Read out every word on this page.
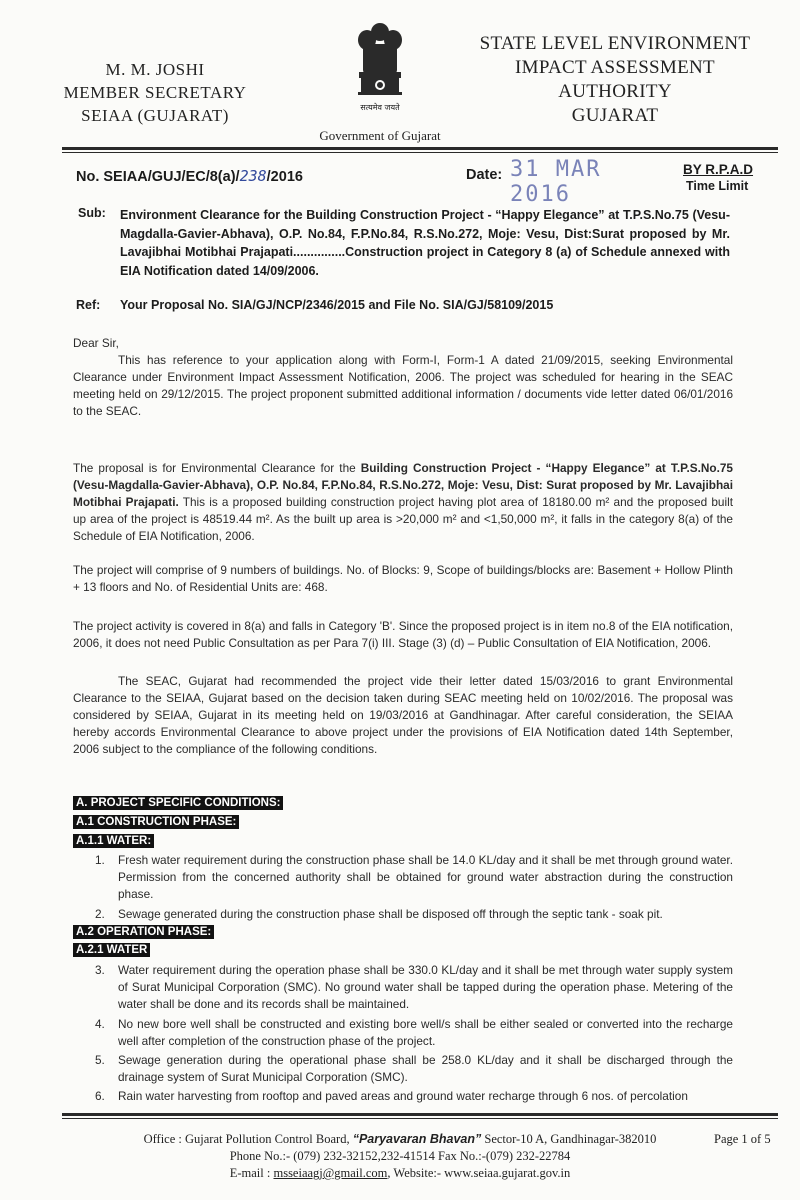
M. M. JOSHI
MEMBER SECRETARY
SEIAA (GUJARAT)	सत्यमेव जयते
STATE LEVEL ENVIRONMENT
IMPACT ASSESSMENT
AUTHORITY
GUJARAT
Government of Gujarat
No. SEIAA/GUJ/EC/8(a)/238/2016	Date: 31 MAR 2016
BY R.P.A.D
Time Limit
Sub: Environment Clearance for the Building Construction Project - “Happy Elegance” at T.P.S.No.75 (Vesu-Magdalla-Gavier-Abhava), O.P. No.84, F.P.No.84, R.S.No.272, Moje: Vesu, Dist:Surat proposed by Mr. Lavajibhai Motibhai Prajapati...............Construction project in Category 8 (a) of Schedule annexed with EIA Notification dated 14/09/2006.
Ref: Your Proposal No. SIA/GJ/NCP/2346/2015 and File No. SIA/GJ/58109/2015

Dear Sir,

This has reference to your application along with Form-I, Form-1 A dated 21/09/2015, seeking Environmental Clearance under Environment Impact Assessment Notification, 2006. The project was scheduled for hearing in the SEAC meeting held on 29/12/2015. The project proponent submitted additional information / documents vide letter dated 06/01/2016 to the SEAC.

The proposal is for Environmental Clearance for the Building Construction Project - “Happy Elegance” at T.P.S.No.75 (Vesu-Magdalla-Gavier-Abhava), O.P. No.84, F.P.No.84, R.S.No.272, Moje: Vesu, Dist: Surat proposed by Mr. Lavajibhai Motibhai Prajapati. This is a proposed building construction project having plot area of 18180.00 m² and the proposed built up area of the project is 48519.44 m². As the built up area is >20,000 m² and <1,50,000 m², it falls in the category 8(a) of the Schedule of EIA Notification, 2006.

The project will comprise of 9 numbers of buildings. No. of Blocks: 9, Scope of buildings/blocks are: Basement + Hollow Plinth + 13 floors and No. of Residential Units are: 468.

The project activity is covered in 8(a) and falls in Category 'B'. Since the proposed project is in item no.8 of the EIA notification, 2006, it does not need Public Consultation as per Para 7(i) III. Stage (3) (d) – Public Consultation of EIA Notification, 2006.

The SEAC, Gujarat had recommended the project vide their letter dated 15/03/2016 to grant Environmental Clearance to the SEIAA, Gujarat based on the decision taken during SEAC meeting held on 10/02/2016. The proposal was considered by SEIAA, Gujarat in its meeting held on 19/03/2016 at Gandhinagar. After careful consideration, the SEIAA hereby accords Environmental Clearance to above project under the provisions of EIA Notification dated 14th September, 2006 subject to the compliance of the following conditions.

A. PROJECT SPECIFIC CONDITIONS:
A.1 CONSTRUCTION PHASE:
A.1.1 WATER:
1. Fresh water requirement during the construction phase shall be 14.0 KL/day and it shall be met through ground water. Permission from the concerned authority shall be obtained for ground water abstraction during the construction phase.
2. Sewage generated during the construction phase shall be disposed off through the septic tank - soak pit.
A.2 OPERATION PHASE:
A.2.1 WATER
3. Water requirement during the operation phase shall be 330.0 KL/day and it shall be met through water supply system of Surat Municipal Corporation (SMC). No ground water shall be tapped during the operation phase. Metering of the water shall be done and its records shall be maintained.
4. No new bore well shall be constructed and existing bore well/s shall be either sealed or converted into the recharge well after completion of the construction phase of the project.
5. Sewage generation during the operational phase shall be 258.0 KL/day and it shall be discharged through the drainage system of Surat Municipal Corporation (SMC).
6. Rain water harvesting from rooftop and paved areas and ground water recharge through 6 nos. of percolation
Office : Gujarat Pollution Control Board, “Paryavaran Bhavan” Sector-10 A, Gandhinagar-382010
Phone No.:- (079) 232-32152,232-41514 Fax No.:-(079) 232-22784
E-mail : msseiaagj@gmail.com, Website:- www.seiaa.gujarat.gov.in
Page 1 of 5
